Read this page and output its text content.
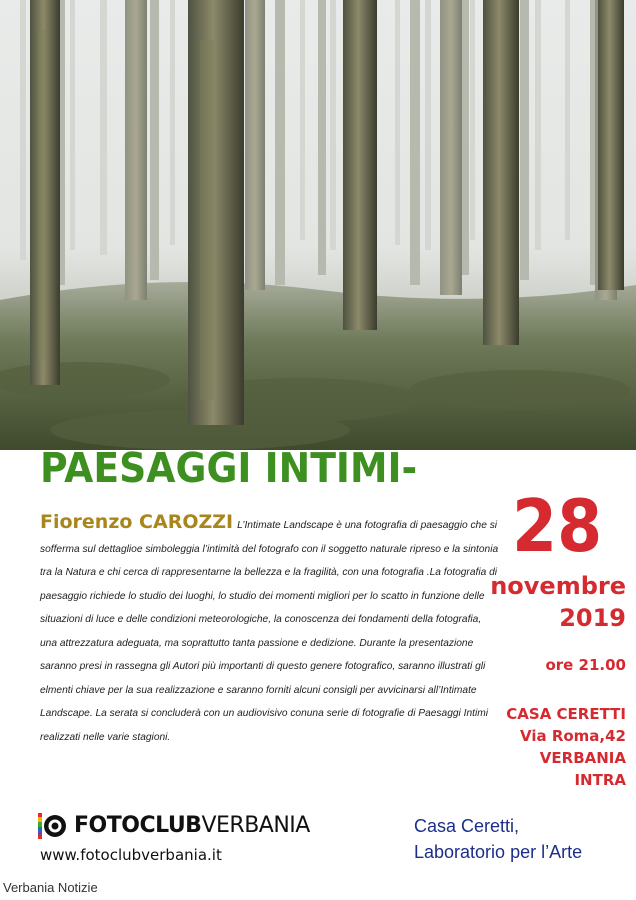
PAESAGGI INTIMI-
Fiorenzo CAROZZI L’Intimate Landscape è una fotografia di paesaggio che si sofferma sul dettaglioe simboleggia l’intimità del fotografo con il soggetto naturale ripreso e la sintonia tra la Natura e chi cerca di rappresentarne la bellezza e la fragilità, con una fotografia .La fotografia di paesaggio richiede lo studio dei luoghi, lo studio dei momenti migliori per lo scatto in funzione delle situazioni di luce e delle condizioni meteorologiche, la conoscenza dei fondamenti della fotografia, una attrezzatura adeguata, ma soprattutto tanta passione e dedizione. Durante la presentazione saranno presi in rassegna gli Autori più importanti di questo genere fotografico, saranno illustrati gli elmenti chiave per la sua realizzazione e saranno forniti alcuni consigli per avvicinarsi all’Intimate Landscape. La serata si concluderà con un audiovisivo conuna serie di fotografie di Paesaggi Intimi realizzati nelle varie stagioni.
28
novembre
2019
ore 21.00
CASA CERETTI
Via Roma,42
VERBANIA
INTRA
Casa Ceretti,
Laboratorio per l’Arte
FOTOCLUBVERBANIA
www.fotoclubverbania.it
Verbania Notizie
